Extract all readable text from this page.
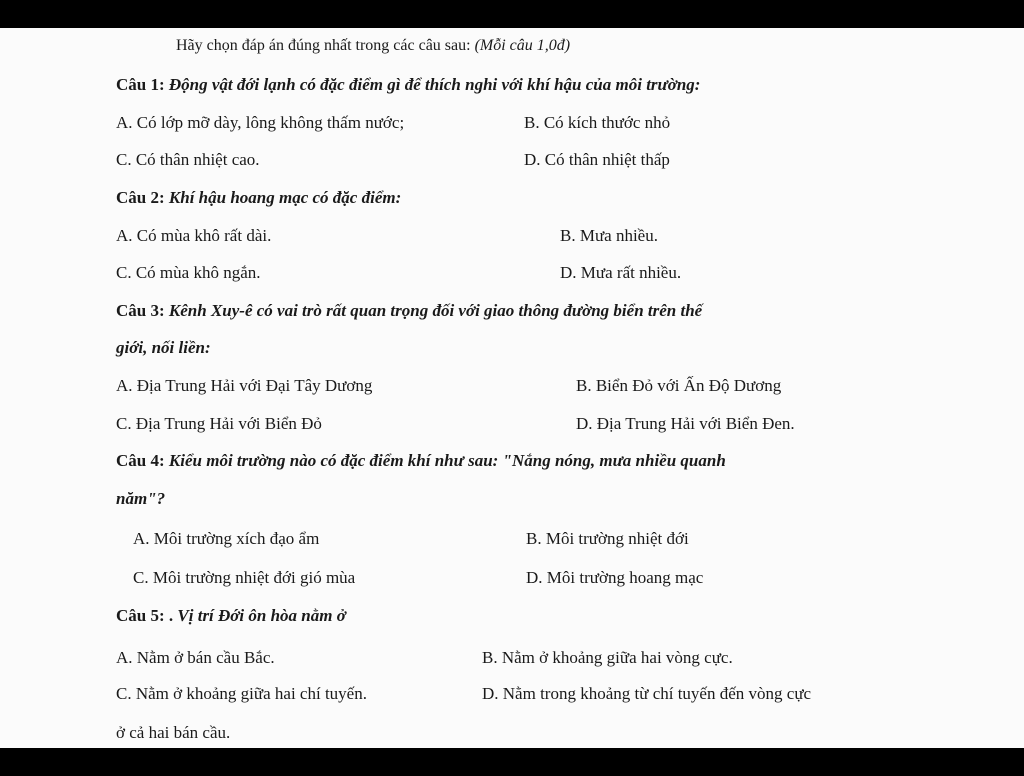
Hãy chọn đáp án đúng nhất trong các câu sau: (Mỗi câu 1,0đ)
Câu 1: Động vật đới lạnh có đặc điểm gì để thích nghi với khí hậu của môi trường:
A. Có lớp mỡ dày, lông không thấm nước;	B. Có kích thước nhỏ
C. Có thân nhiệt cao.	D. Có thân nhiệt thấp
Câu 2: Khí hậu hoang mạc có đặc điểm:
A. Có mùa khô rất dài.	B. Mưa nhiều.
C. Có mùa khô ngắn.	D. Mưa rất nhiều.
Câu 3: Kênh Xuy-ê có vai trò rất quan trọng đối với giao thông đường biển trên thế
giới, nối liền:
A. Địa Trung Hải với Đại Tây Dương	B. Biển Đỏ với Ấn Độ Dương
C. Địa Trung Hải với Biển Đỏ	D. Địa Trung Hải với Biển Đen.
Câu 4: Kiểu môi trường nào có đặc điểm khí như sau: "Nắng nóng, mưa nhiều quanh
năm"?
A. Môi trường xích đạo ẩm	B. Môi trường nhiệt đới
C. Môi trường nhiệt đới gió mùa	D. Môi trường hoang mạc
Câu 5: . Vị trí Đới ôn hòa nằm ở
A. Nằm ở bán cầu Bắc.	B. Nằm ở khoảng giữa hai vòng cực.
C. Nằm ở khoảng giữa hai chí tuyến.	D. Nằm trong khoảng từ chí tuyến đến vòng cực
ở cả hai bán cầu.
